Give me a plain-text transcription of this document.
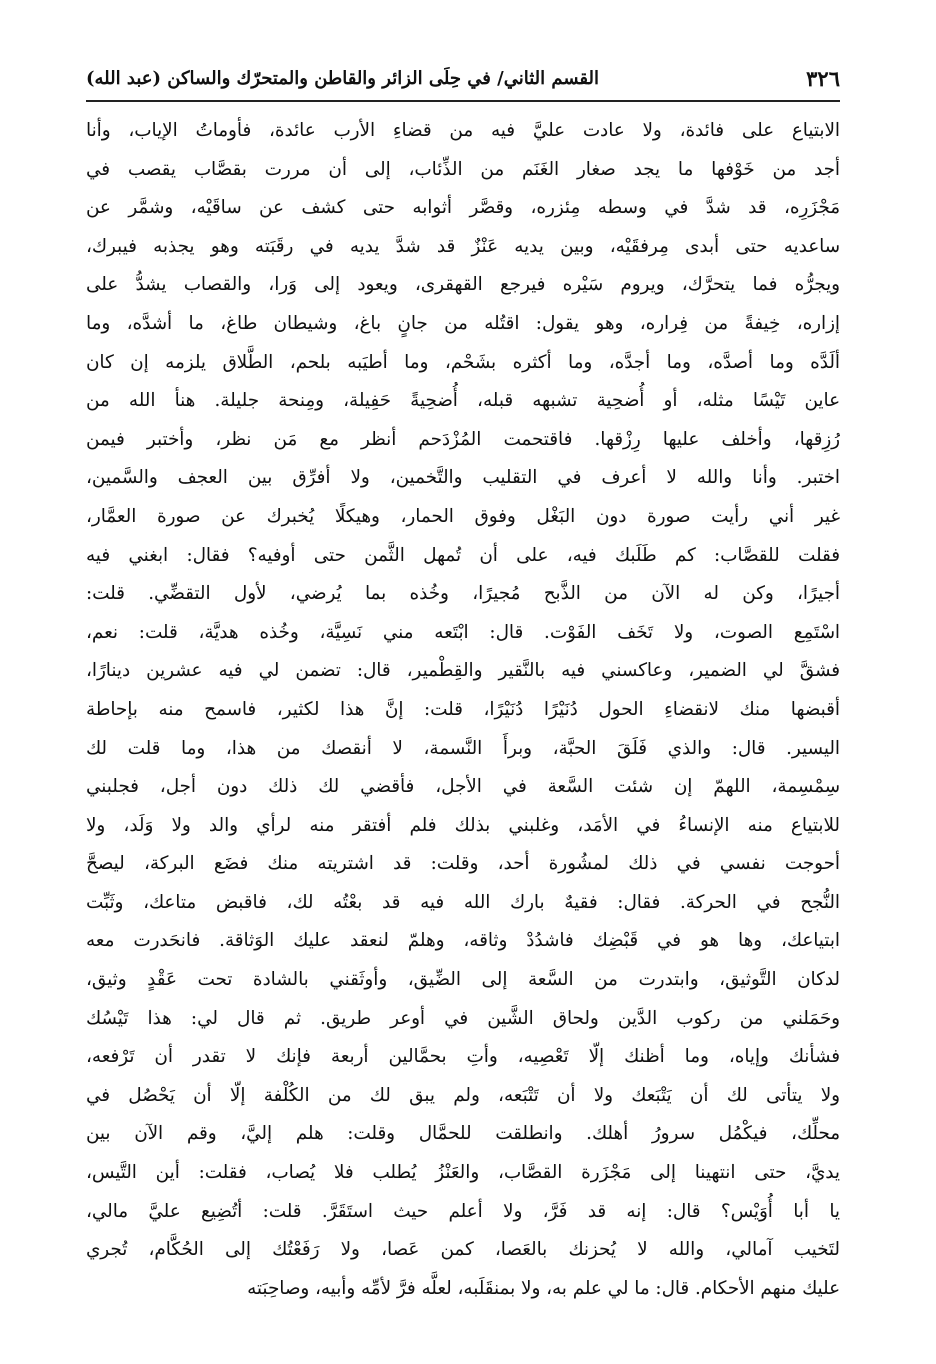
٣٢٦
القسم الثاني/ في حِلَى الزائر والقاطن والمتحرّك والساكن (عبد الله)
الابتياع على فائدة، ولا عادت عليَّ فيه من قضاءِ الأرب عائدة، فأوماتُ الإياب، وأنا
أجد من خَوْفها ما يجد صغار الغَنَم من الذِّئاب، إلى أن مررت بقصَّاب يقصب في
مَجْزَرِه، قد شدَّ في وسطه مِئزره، وقصَّر أثوابه حتى كشف عن ساقَيْه، وشمَّر عن
ساعديه حتى أبدى مِرفقَيْه، وبين يديه عَنْزٌ قد شدَّ يديه في رقَبَته وهو يجذبه فيبرك،
ويجرُّه فما يتحرَّك، ويروم سَيْره فيرجع القهقرى، ويعود إلى وَرا، والقصاب يشدُّ على
إزاره، خِيفةً من فِراره، وهو يقول: اقتُله من جانٍ باغ، وشيطان طاغ، ما أشدَّه، وما
ألَدَّه وما أصدَّه، وما أجدَّه، وما أكثره بشَحْم، وما أطيَبه بلحم، الطَّلاق يلزمه إن كان
عاين تَيْسًا مثله، أو أُضحِية تشبهه قبله، أُضحِيةً حَفِيلة، ومِنحة جليلة. هنأ الله من
رُزِقها، وأخلف عليها رِزْقها. فاقتحمت المُزْدَحم أنظر مع مَن نظر، وأختبر فيمن
اختبر. وأنا والله لا أعرف في التقليب والتَّخمين، ولا أفرِّق بين العجف والسَّمين،
غير أني رأيت صورة دون البَغْل وفوق الحمار، وهيكلًا يُخبرك عن صورة العمَّار،
فقلت للقصَّاب: كم طَلَبك فيه، على أن تُمهل الثَّمن حتى أوفيه؟ فقال: ابغني فيه
أجيرًا، وكن له الآن من الذَّبح مُجيرًا، وخُذه بما يُرضي، لأول التقضِّي. قلت:
اسْتَمِع الصوت، ولا تَخَف الفَوْت. قال: ابْتَعه مني نَسِيَّة، وخُذه هديَّة، قلت: نعم،
فشقَّ لي الضمير، وعاكسني فيه بالنَّقير والقِطْمير، قال: تضمن لي فيه عشرين دينارًا،
أقبضها منك لانقضاءِ الحول دُنَيْرًا دُنَيْرًا، قلت: إنَّ هذا لكثير، فاسمح منه بإحاطة
اليسير. قال: والذي فَلَقَ الحبَّة، وبرأَ النَّسمة، لا أنقصك من هذا، وما قلت لك
سِمْسِمة، اللهمّ إن شئت السَّعة في الأجل، فأقضي لك ذلك دون أجل، فجلبني
للابتياع منه الإنساءُ في الأمَد، وغلبني بذلك فلم أفتقر منه لرأي والد ولا وَلَد، ولا
أحوجت نفسي في ذلك لمشُورة أحد، وقلت: قد اشتريته منك فضَع البركة، ليصحَّ
النُّجح في الحركة. فقال: فقيهٌ بارك الله فيه قد بعْتُه لك، فاقبض متاعك، وثَبِّت
ابتياعك، وها هو في قَبْضِك فاشدُدْ وثاقه، وهلمّ لنعقد عليك الوَثاقة. فانحَدرت معه
لدكان التَّوثيق، وابتدرت من السَّعة إلى الضِّيق، وأوثَقني بالشادة تحت عَقْدٍ وثيق،
وحَمَلني من ركوب الدَّين ولحاق الشَّين في أوعر طريق. ثم قال لي: هذا تَيْسُك
فشأنك وإياه، وما أظنك إلّا تَعْصِيه، وأتِ بحمَّالين أربعة فإنك لا تقدر أن تَرْفعه،
ولا يتأتى لك أن يَتْبَعك ولا أن تَتْبَعه، ولم يبق لك من الكُلْفة إلّا أن يَحْصُل في
محلِّك، فيكْمُل سرورُ أهلك. وانطلقت للحمَّال وقلت: هلم إليَّ، وقم الآن بين
يديَّ، حتى انتهينا إلى مَجْزَرة القصَّاب، والعَنْزُ يُطلب فلا يُصاب، فقلت: أين التَّيس،
يا أبا أُوَيْس؟ قال: إنه قد فَرَّ، ولا أعلم حيث استَقَرَّ. قلت: أتُضِيع عليَّ مالي،
لتَخيب آمالي، والله لا يُحزنك بالعَصا، كمن عَصا، ولا رَفَعْتُك إلى الحُكَّام، تُجري
عليك منهم الأحكام. قال: ما لي علم به، ولا بمنقَلَبه، لعلَّه فرَّ لأمِّه وأبيه، وصاحِبَته
